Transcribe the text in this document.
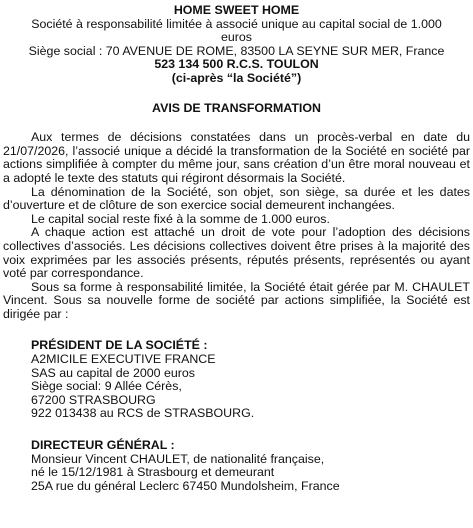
HOME SWEET HOME

Société à responsabilité limitée à associé unique au capital social de 1.000

euros

Siège social : 70 AVENUE DE ROME, 83500 LA SEYNE SUR MER, France

523 134 500 R.C.S. TOULON

(ci-après “la Société”)

AVIS DE TRANSFORMATION

Aux termes de décisions constatées dans un procès-verbal en date du 21/07/2026, l’associé unique a décidé la transformation de la Société en société par actions simplifiée à compter du même jour, sans création d’un être moral nouveau et a adopté le texte des statuts qui régiront désormais la Société.

La dénomination de la Société, son objet, son siège, sa durée et les dates d’ouverture et de clôture de son exercice social demeurent inchangées.

Le capital social reste fixé à la somme de 1.000 euros.

A chaque action est attaché un droit de vote pour l’adoption des décisions collectives d’associés. Les décisions collectives doivent être prises à la majorité des voix exprimées par les associés présents, réputés présents, représentés ou ayant voté par correspondance.

Sous sa forme à responsabilité limitée, la Société était gérée par M. CHAULET Vincent. Sous sa nouvelle forme de société par actions simplifiée, la Société est dirigée par :

PRÉSIDENT DE LA SOCIÉTÉ :

A2MICILE EXECUTIVE FRANCE

SAS au capital de 2000 euros

Siège social: 9 Allée Cérès,

67200 STRASBOURG

922 013438 au RCS de STRASBOURG.

DIRECTEUR GÉNÉRAL :

Monsieur Vincent CHAULET, de nationalité française,

né le 15/12/1981 à Strasbourg et demeurant

25A rue du général Leclerc 67450 Mundolsheim, France
